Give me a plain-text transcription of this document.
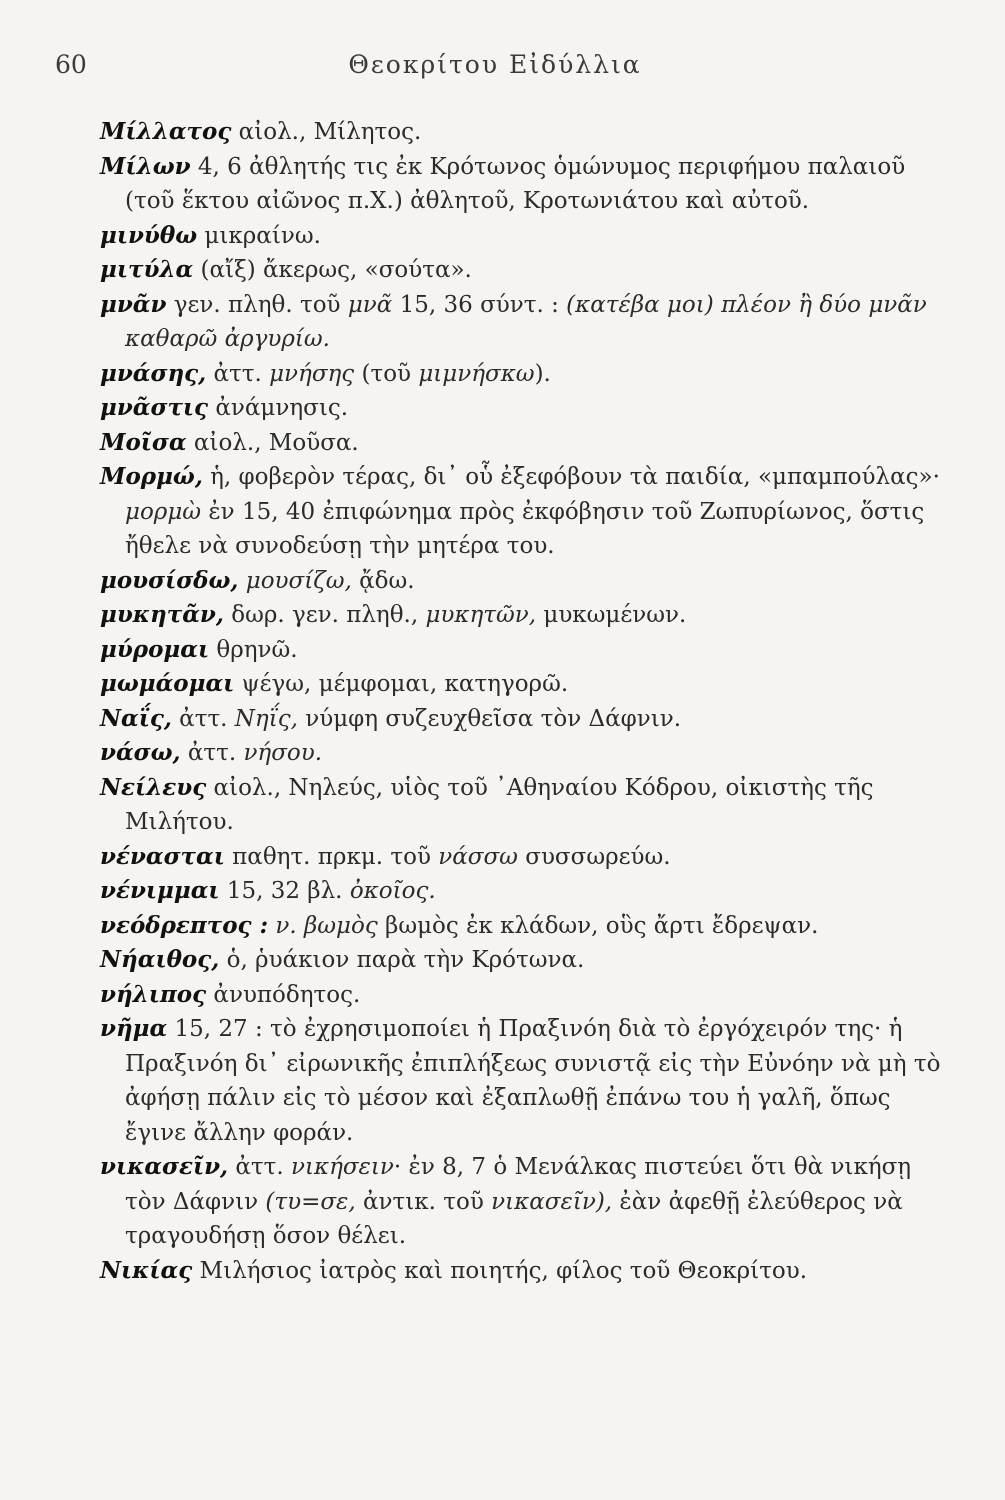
60	Θεοκρίτου Εἰδύλλια
Μίλλατος αἰολ., Μίλητος.
Μίλων 4, 6 ἀθλητής τις ἐκ Κρότωνος ὁμώνυμος περιφήμου παλαιοῦ (τοῦ ἕκτου αἰῶνος π.Χ.) ἀθλητοῦ, Κροτωνιάτου καὶ αὐτοῦ.
μινύθω μικραίνω.
μιτύλα (αἴξ) ἄκερως, «σούτα».
μνᾶν γεν. πληθ. τοῦ μνᾶ 15, 36 σύντ. : (κατέβα μοι) πλέον ἢ δύο μνᾶν καθαρῶ ἀργυρίω.
μνάσης, ἀττ. μνήσης (τοῦ μιμνήσκω).
μνᾶστις ἀνάμνησις.
Μοῖσα αἰολ., Μοῦσα.
Μορμώ, ἡ, φοβερὸν τέρας, δι᾽ οὗ ἐξεφόβουν τὰ παιδία, «μπαμπούλας»· μορμὼ ἐν 15, 40 ἐπιφώνημα πρὸς ἐκφόβησιν τοῦ Ζωπυρίωνος, ὅστις ἤθελε νὰ συνοδεύσῃ τὴν μητέρα του.
μουσίσδω, μουσίζω, ᾄδω.
μυκητᾶν, δωρ. γεν. πληθ., μυκητῶν, μυκωμένων.
μύρομαι θρηνῶ.
μωμάομαι ψέγω, μέμφομαι, κατηγορῶ.
Ναΐς, ἀττ. Νηΐς, νύμφη συζευχθεῖσα τὸν Δάφνιν.
νάσω, ἀττ. νήσου.
Νείλευς αἰολ., Νηλεύς, υἱὸς τοῦ ᾿Αθηναίου Κόδρου, οἰκιστὴς τῆς Μιλήτου.
νένασται παθητ. πρκμ. τοῦ νάσσω συσσωρεύω.
νένιμμαι 15, 32 βλ. ὀκοῖος.
νεόδρεπτος : ν. βωμὸς βωμὸς ἐκ κλάδων, οὓς ἄρτι ἔδρεψαν.
Νήαιθος, ὁ, ῥυάκιον παρὰ τὴν Κρότωνα.
νήλιπος ἀνυπόδητος.
νῆμα 15, 27 : τὸ ἐχρησιμοποίει ἡ Πραξινόη διὰ τὸ ἐργόχειρόν της· ἡ Πραξινόη δι᾽ εἰρωνικῆς ἐπιπλήξεως συνιστᾷ εἰς τὴν Εὐνόην νὰ μὴ τὸ ἀφήσῃ πάλιν εἰς τὸ μέσον καὶ ἐξαπλωθῇ ἐπάνω του ἡ γαλῆ, ὅπως ἔγινε ἄλλην φοράν.
νικασεῖν, ἀττ. νικήσειν· ἐν 8, 7 ὁ Μενάλκας πιστεύει ὅτι θὰ νικήσῃ τὸν Δάφνιν (τυ=σε, ἀντικ. τοῦ νικασεῖν), ἐὰν ἀφεθῇ ἐλεύθερος νὰ τραγουδήσῃ ὅσον θέλει.
Νικίας Μιλήσιος ἰατρὸς καὶ ποιητής, φίλος τοῦ Θεοκρίτου.
